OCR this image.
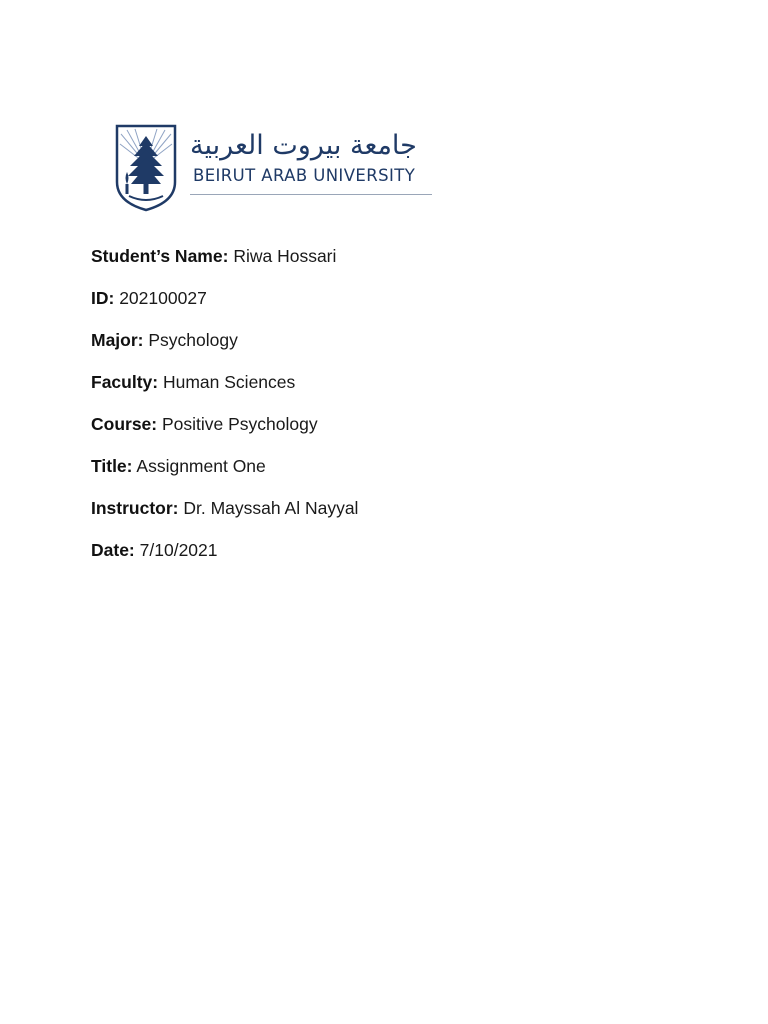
جامعة بيروت العربية
BEIRUT ARAB UNIVERSITY
Student’s Name: Riwa Hossari
ID: 202100027
Major: Psychology
Faculty: Human Sciences
Course: Positive Psychology
Title: Assignment One
Instructor: Dr. Mayssah Al Nayyal
Date: 7/10/2021
